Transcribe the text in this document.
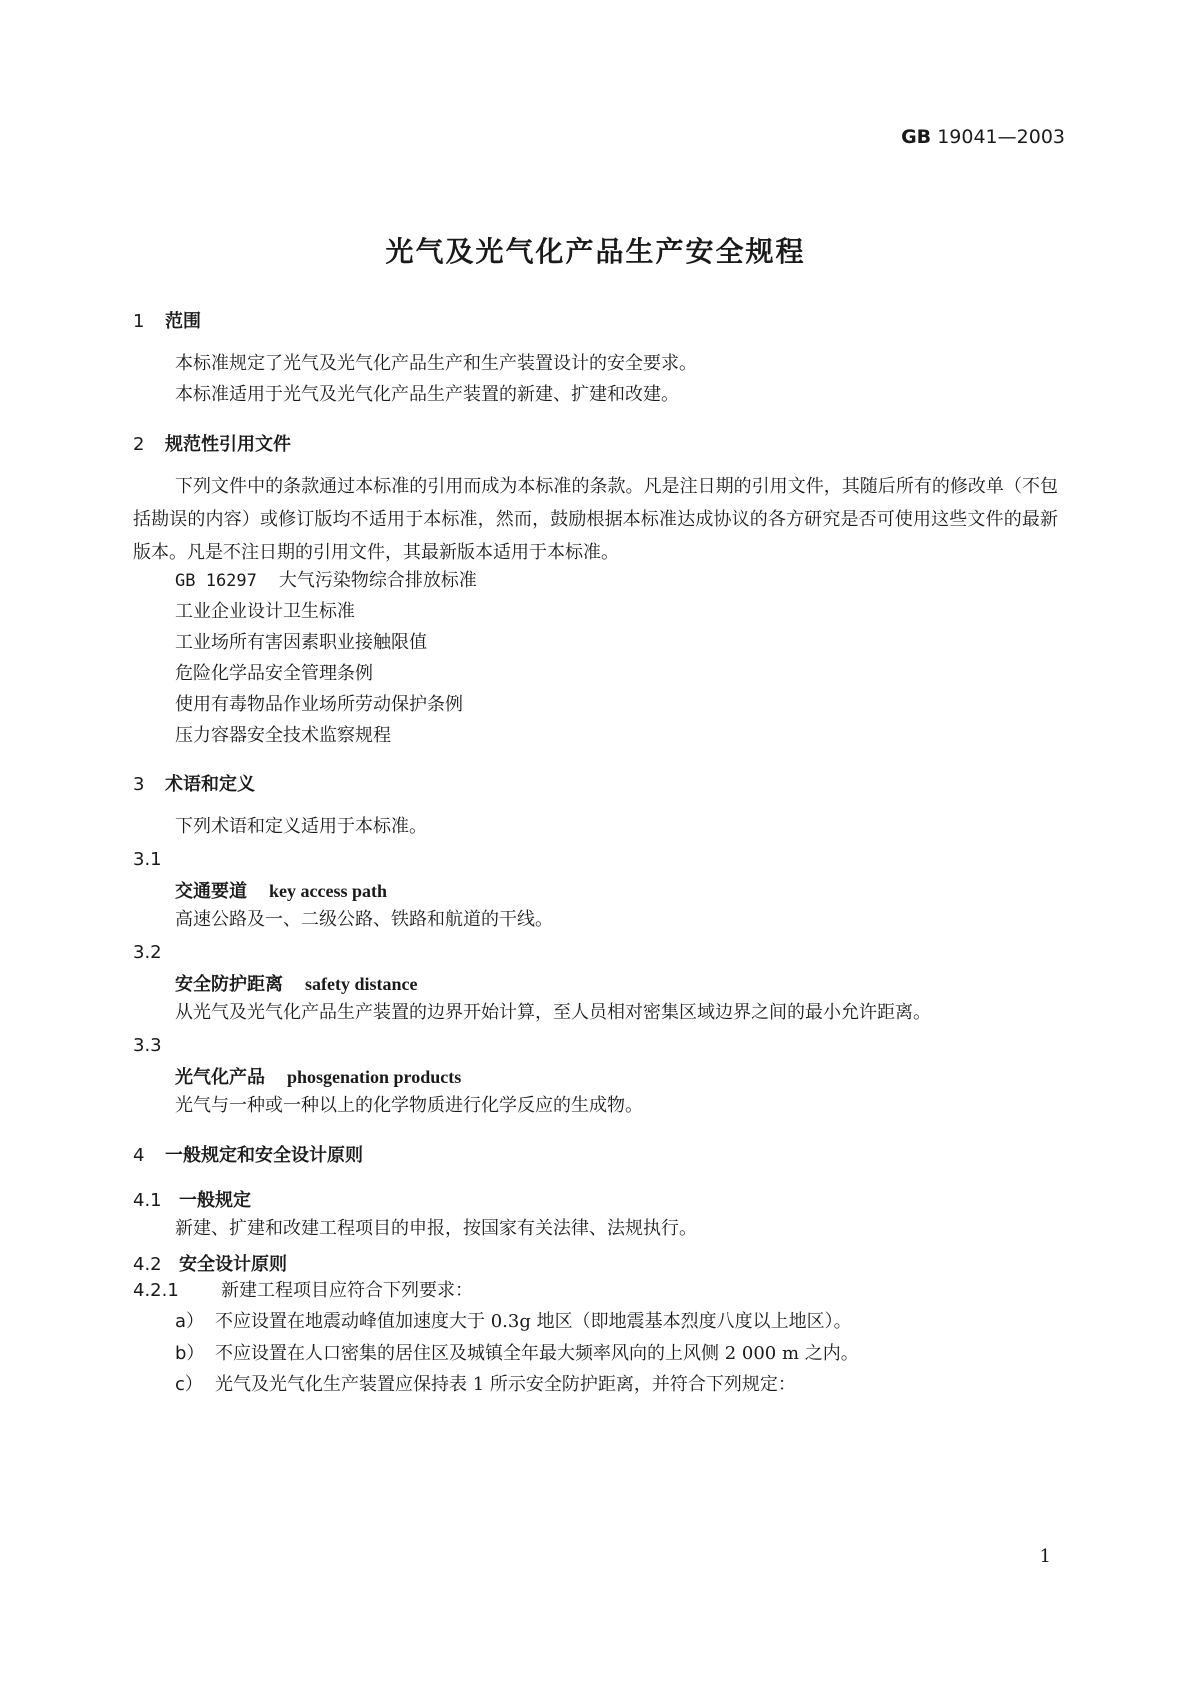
GB 19041—2003
光气及光气化产品生产安全规程
1 范围
本标准规定了光气及光气化产品生产和生产装置设计的安全要求。
本标准适用于光气及光气化产品生产装置的新建、扩建和改建。
2 规范性引用文件
下列文件中的条款通过本标准的引用而成为本标准的条款。凡是注日期的引用文件，其随后所有的修改单（不包括勘误的内容）或修订版均不适用于本标准，然而，鼓励根据本标准达成协议的各方研究是否可使用这些文件的最新版本。凡是不注日期的引用文件，其最新版本适用于本标准。
GB 16297 大气污染物综合排放标准
工业企业设计卫生标准
工业场所有害因素职业接触限值
危险化学品安全管理条例
使用有毒物品作业场所劳动保护条例
压力容器安全技术监察规程
3 术语和定义
下列术语和定义适用于本标准。
3.1
交通要道 key access path
高速公路及一、二级公路、铁路和航道的干线。
3.2
安全防护距离 safety distance
从光气及光气化产品生产装置的边界开始计算，至人员相对密集区域边界之间的最小允许距离。
3.3
光气化产品 phosgenation products
光气与一种或一种以上的化学物质进行化学反应的生成物。
4 一般规定和安全设计原则
4.1 一般规定
新建、扩建和改建工程项目的申报，按国家有关法律、法规执行。
4.2 安全设计原则
4.2.1 新建工程项目应符合下列要求：
a） 不应设置在地震动峰值加速度大于 0.3g 地区（即地震基本烈度八度以上地区）。
b） 不应设置在人口密集的居住区及城镇全年最大频率风向的上风侧 2 000 m 之内。
c） 光气及光气化生产装置应保持表 1 所示安全防护距离，并符合下列规定：
1
